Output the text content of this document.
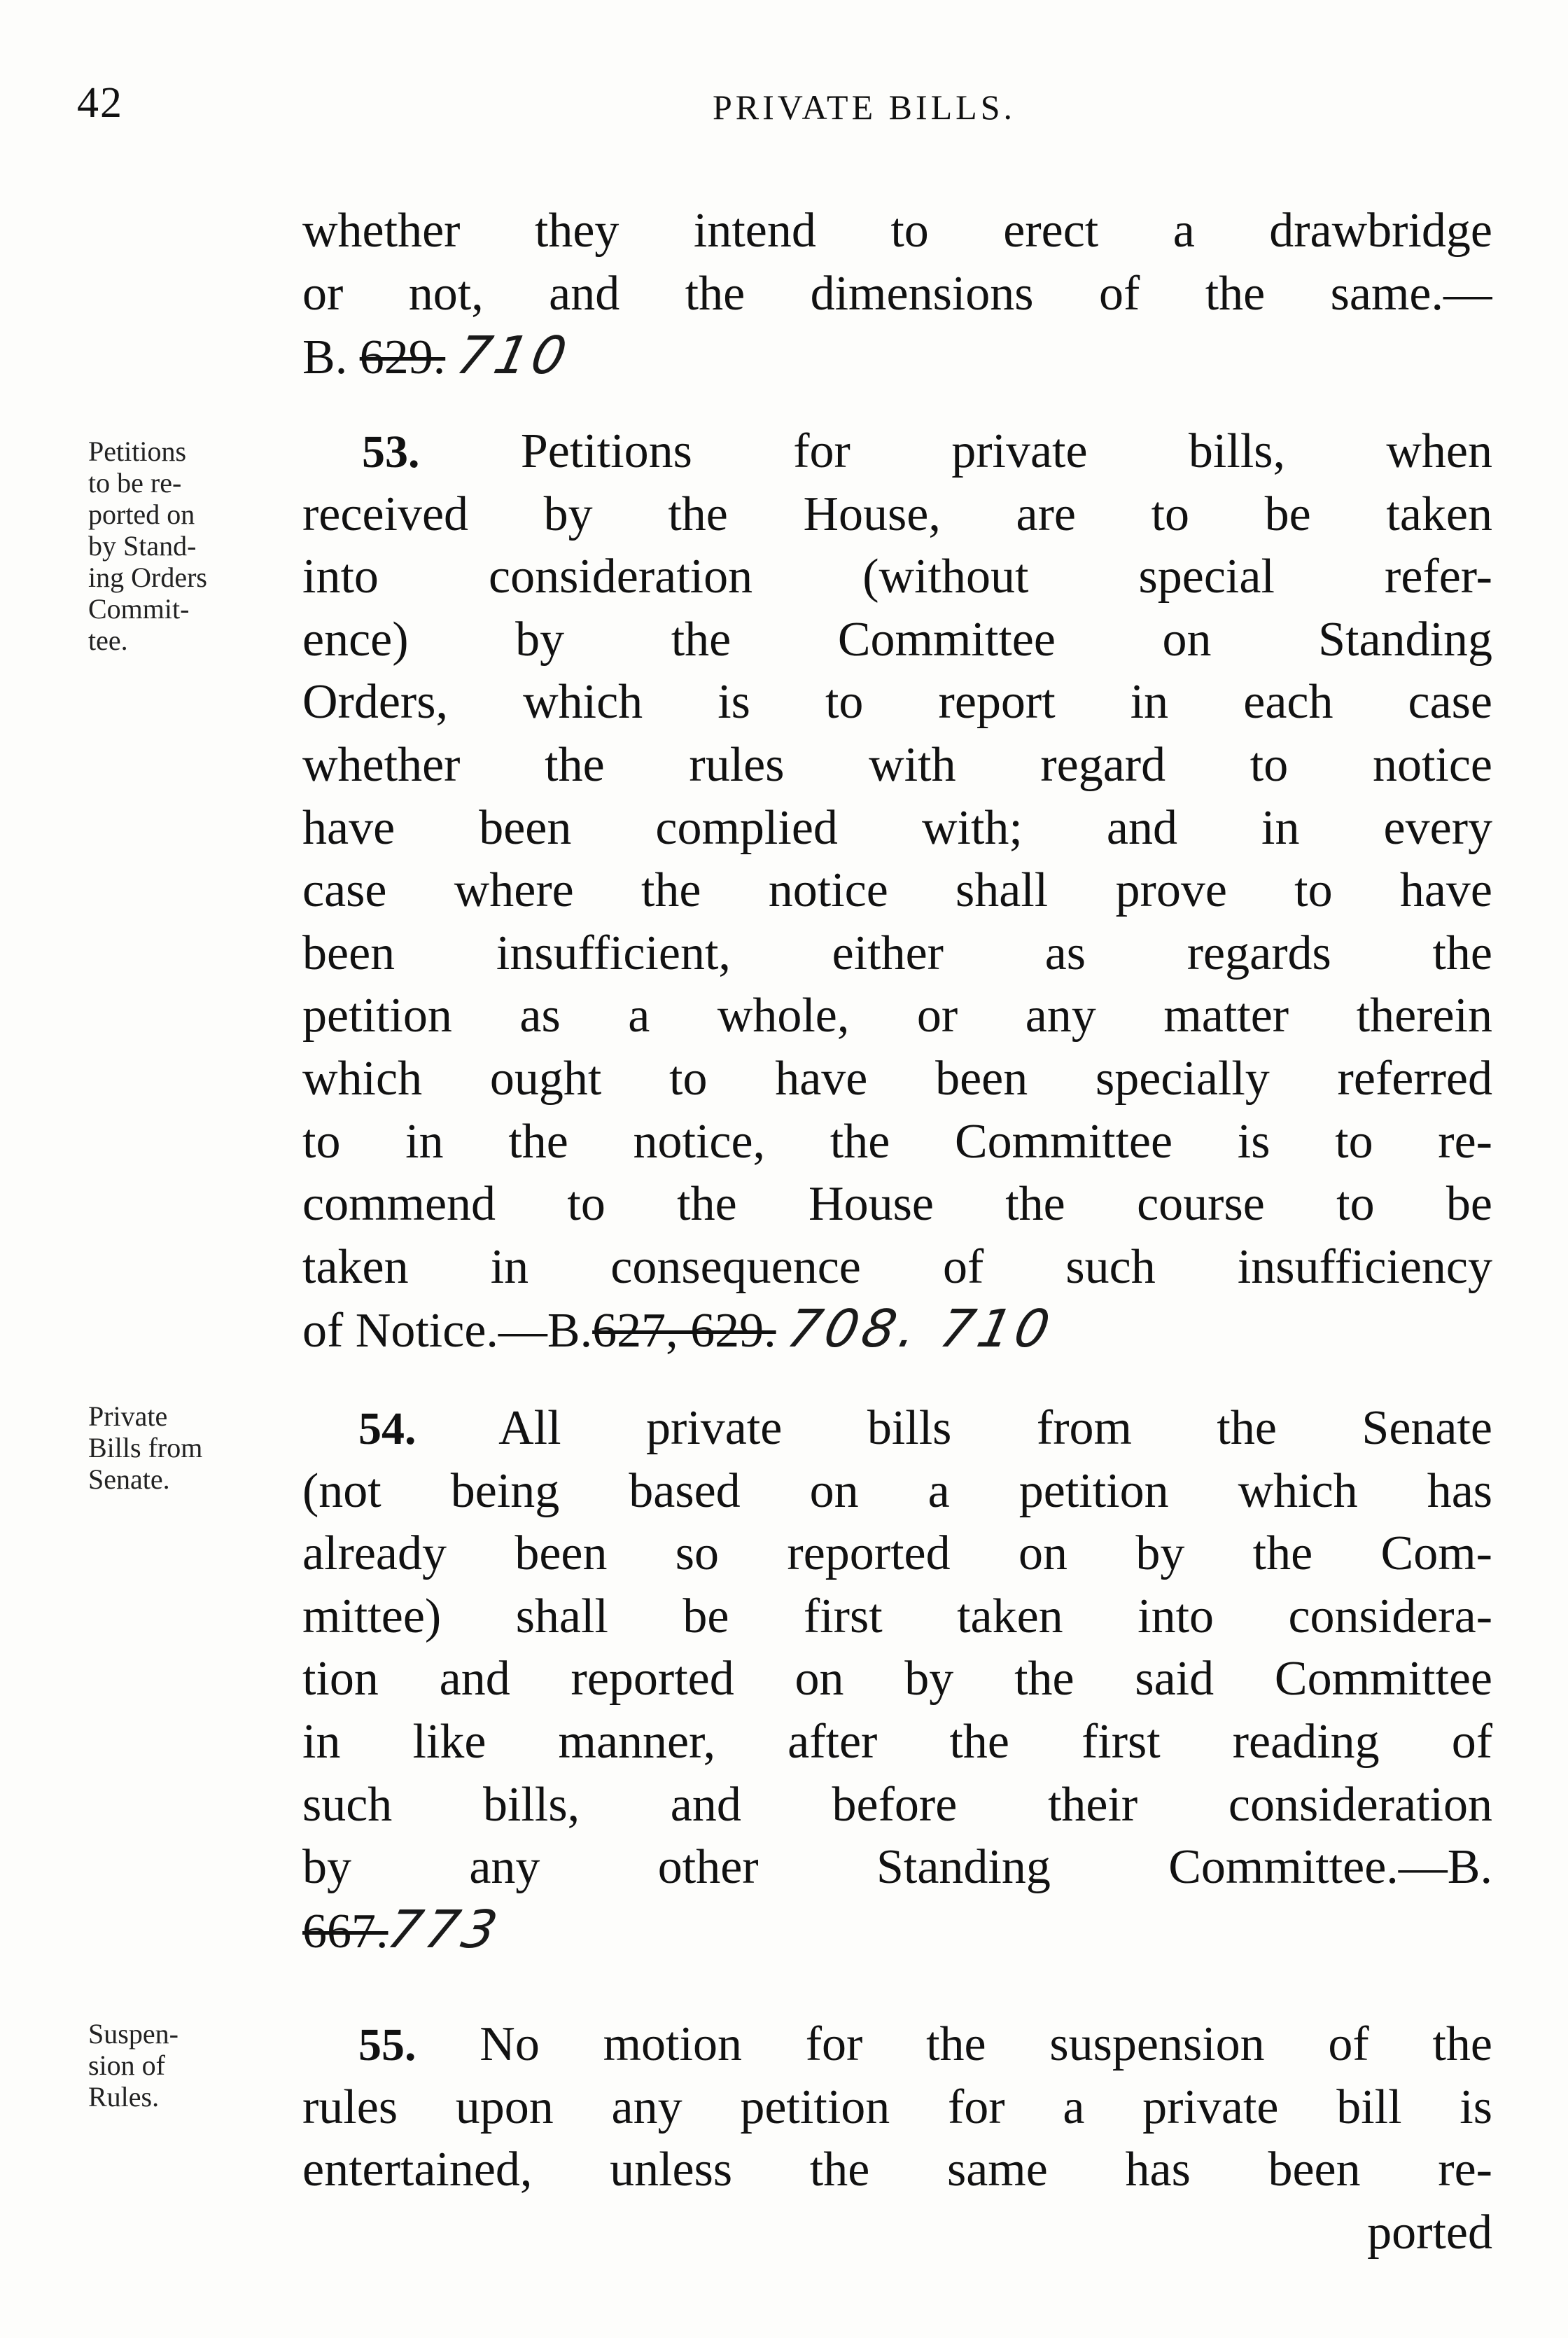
42	PRIVATE BILLS.
whether they intend to erect a drawbridge
or not, and the dimensions of the same.—
B. 629. 710
Petitions
to be re-
ported on
by Stand-
ing Orders
Commit-
tee.
53. Petitions for private bills, when
received by the House, are to be taken
into consideration (without special refer-
ence) by the Committee on Standing
Orders, which is to report in each case
whether the rules with regard to notice
have been complied with; and in every
case where the notice shall prove to have
been insufficient, either as regards the
petition as a whole, or any matter therein
which ought to have been specially referred
to in the notice, the Committee is to re-
commend to the House the course to be
taken in consequence of such insufficiency
of Notice.—B.627, 629. 708. 710
Private
Bills from
Senate.
54. All private bills from the Senate
(not being based on a petition which has
already been so reported on by the Com-
mittee) shall be first taken into considera-
tion and reported on by the said Committee
in like manner, after the first reading of
such bills, and before their consideration
by any other Standing Committee.—B.
667.773
Suspen-
sion of
Rules.
55. No motion for the suspension of the
rules upon any petition for a private bill is
entertained, unless the same has been re-
ported
